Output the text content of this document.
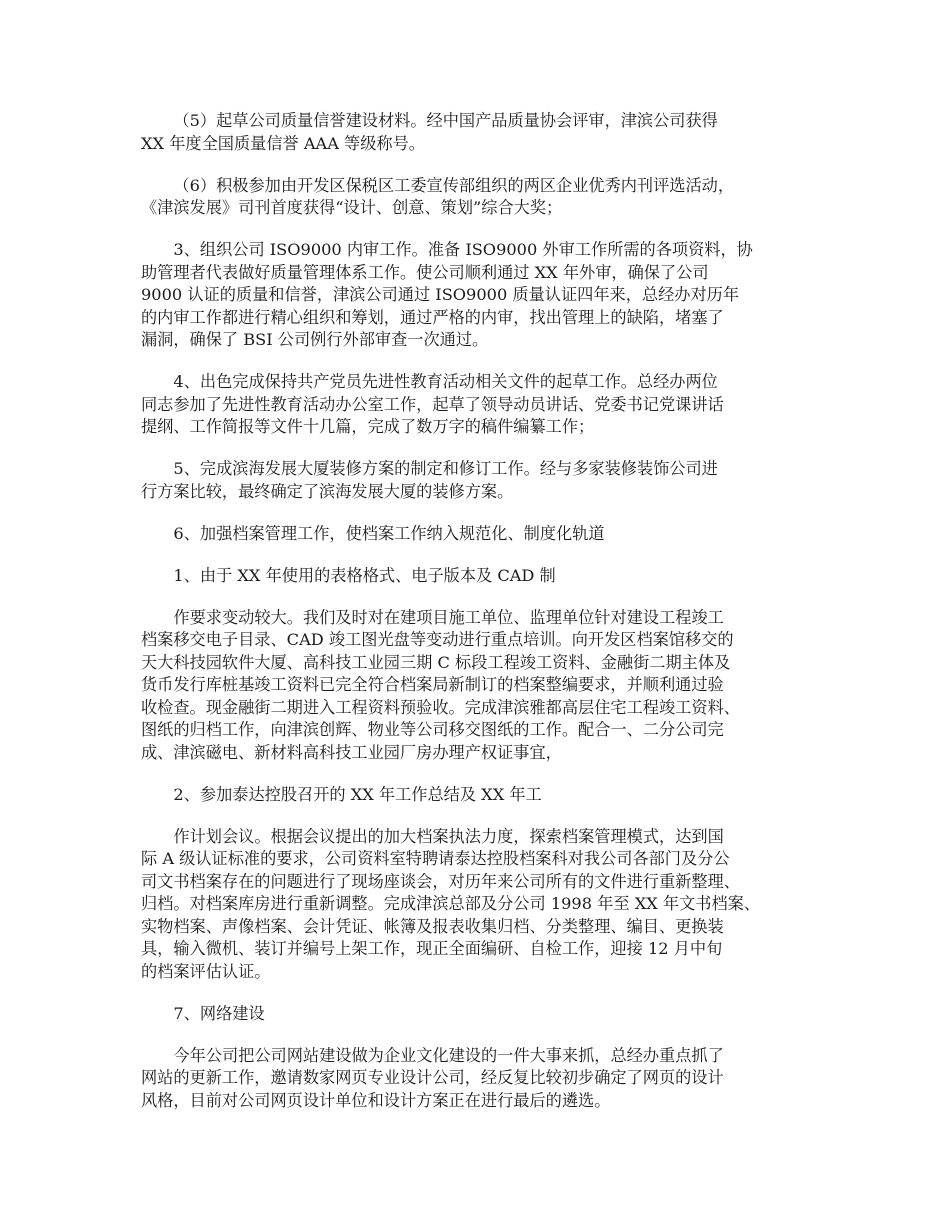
（5）起草公司质量信誉建设材料。经中国产品质量协会评审，津滨公司获得
XX 年度全国质量信誉 AAA 等级称号。

（6）积极参加由开发区保税区工委宣传部组织的两区企业优秀内刊评选活动，
《津滨发展》司刊首度获得“设计、创意、策划”综合大奖；

3、组织公司 ISO9000 内审工作。准备 ISO9000 外审工作所需的各项资料，协
助管理者代表做好质量管理体系工作。使公司顺利通过 XX 年外审，确保了公司
9000 认证的质量和信誉，津滨公司通过 ISO9000 质量认证四年来，总经办对历年
的内审工作都进行精心组织和筹划，通过严格的内审，找出管理上的缺陷，堵塞了
漏洞，确保了 BSI 公司例行外部审查一次通过。

4、出色完成保持共产党员先进性教育活动相关文件的起草工作。总经办两位
同志参加了先进性教育活动办公室工作，起草了领导动员讲话、党委书记党课讲话
提纲、工作简报等文件十几篇，完成了数万字的稿件编纂工作；

5、完成滨海发展大厦装修方案的制定和修订工作。经与多家装修装饰公司进
行方案比较，最终确定了滨海发展大厦的装修方案。

6、加强档案管理工作，使档案工作纳入规范化、制度化轨道

1、由于 XX 年使用的表格格式、电子版本及 CAD 制

作要求变动较大。我们及时对在建项目施工单位、监理单位针对建设工程竣工
档案移交电子目录、CAD 竣工图光盘等变动进行重点培训。向开发区档案馆移交的
天大科技园软件大厦、高科技工业园三期 C 标段工程竣工资料、金融街二期主体及
货币发行库桩基竣工资料已完全符合档案局新制订的档案整编要求，并顺利通过验
收检查。现金融街二期进入工程资料预验收。完成津滨雅都高层住宅工程竣工资料、
图纸的归档工作，向津滨创辉、物业等公司移交图纸的工作。配合一、二分公司完
成、津滨磁电、新材料高科技工业园厂房办理产权证事宜，

2、参加泰达控股召开的 XX 年工作总结及 XX 年工

作计划会议。根据会议提出的加大档案执法力度，探索档案管理模式，达到国
际 A 级认证标准的要求，公司资料室特聘请泰达控股档案科对我公司各部门及分公
司文书档案存在的问题进行了现场座谈会，对历年来公司所有的文件进行重新整理、
归档。对档案库房进行重新调整。完成津滨总部及分公司 1998 年至 XX 年文书档案、
实物档案、声像档案、会计凭证、帐簿及报表收集归档、分类整理、编目、更换装
具，输入微机、装订并编号上架工作，现正全面编研、自检工作，迎接 12 月中旬
的档案评估认证。

7、网络建设

今年公司把公司网站建设做为企业文化建设的一件大事来抓，总经办重点抓了
网站的更新工作，邀请数家网页专业设计公司，经反复比较初步确定了网页的设计
风格，目前对公司网页设计单位和设计方案正在进行最后的遴选。
